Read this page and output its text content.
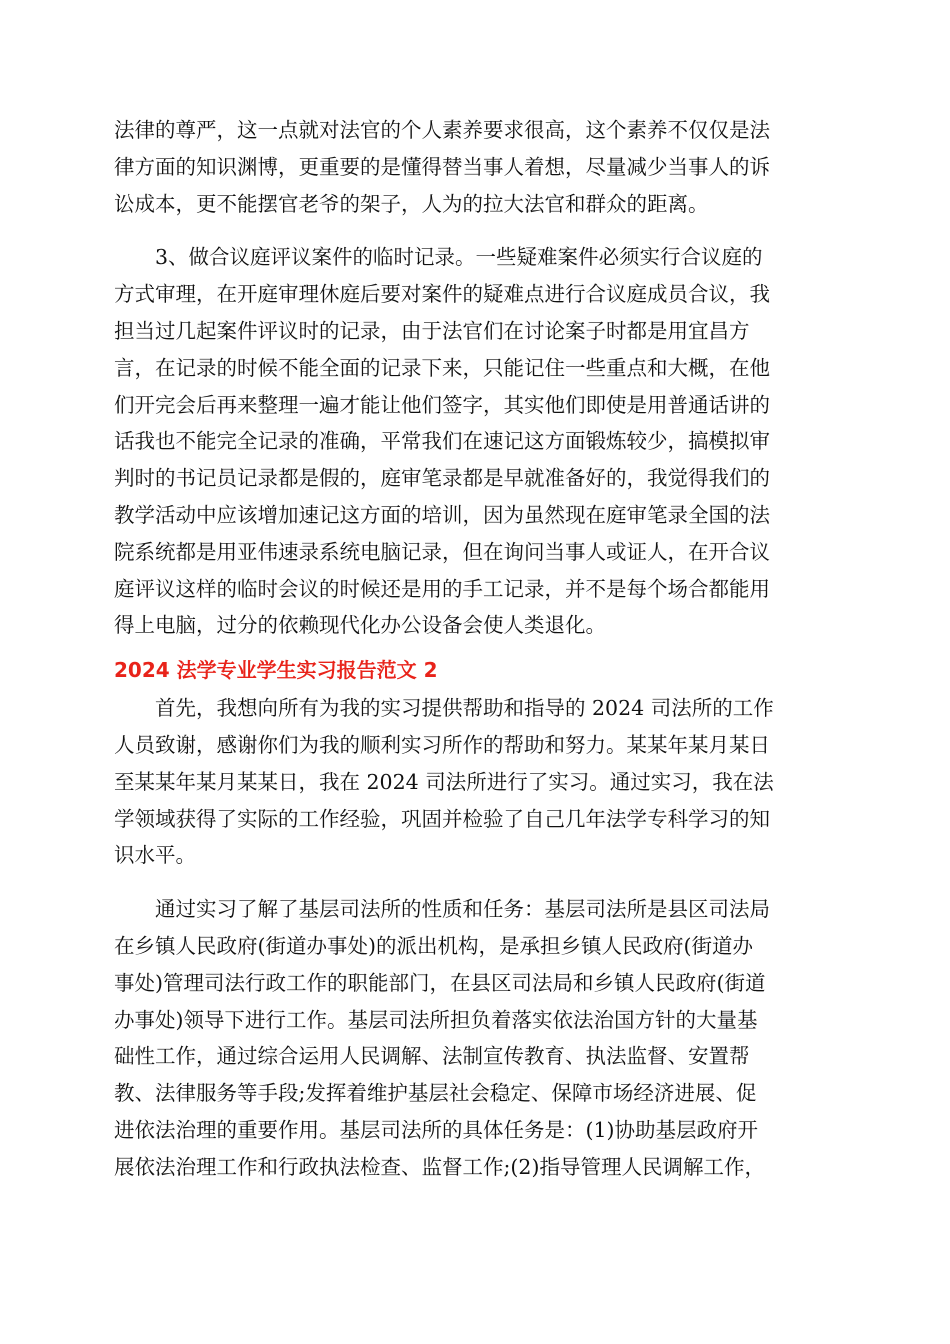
法律的尊严，这一点就对法官的个人素养要求很高，这个素养不仅仅是法
律方面的知识渊博，更重要的是懂得替当事人着想，尽量减少当事人的诉
讼成本，更不能摆官老爷的架子，人为的拉大法官和群众的距离。
　　3、做合议庭评议案件的临时记录。一些疑难案件必须实行合议庭的
方式审理，在开庭审理休庭后要对案件的疑难点进行合议庭成员合议，我
担当过几起案件评议时的记录，由于法官们在讨论案子时都是用宜昌方
言，在记录的时候不能全面的记录下来，只能记住一些重点和大概，在他
们开完会后再来整理一遍才能让他们签字，其实他们即使是用普通话讲的
话我也不能完全记录的准确，平常我们在速记这方面锻炼较少，搞模拟审
判时的书记员记录都是假的，庭审笔录都是早就准备好的，我觉得我们的
教学活动中应该增加速记这方面的培训，因为虽然现在庭审笔录全国的法
院系统都是用亚伟速录系统电脑记录，但在询问当事人或证人，在开合议
庭评议这样的临时会议的时候还是用的手工记录，并不是每个场合都能用
得上电脑，过分的依赖现代化办公设备会使人类退化。
2024 法学专业学生实习报告范文 2
　　首先，我想向所有为我的实习提供帮助和指导的 2024 司法所的工作
人员致谢，感谢你们为我的顺利实习所作的帮助和努力。某某年某月某日
至某某年某月某某日，我在 2024 司法所进行了实习。通过实习，我在法
学领域获得了实际的工作经验，巩固并检验了自己几年法学专科学习的知
识水平。
　　通过实习了解了基层司法所的性质和任务：基层司法所是县区司法局
在乡镇人民政府(街道办事处)的派出机构，是承担乡镇人民政府(街道办
事处)管理司法行政工作的职能部门，在县区司法局和乡镇人民政府(街道
办事处)领导下进行工作。基层司法所担负着落实依法治国方针的大量基
础性工作，通过综合运用人民调解、法制宣传教育、执法监督、安置帮
教、法律服务等手段;发挥着维护基层社会稳定、保障市场经济进展、促
进依法治理的重要作用。基层司法所的具体任务是：(1)协助基层政府开
展依法治理工作和行政执法检查、监督工作;(2)指导管理人民调解工作，
